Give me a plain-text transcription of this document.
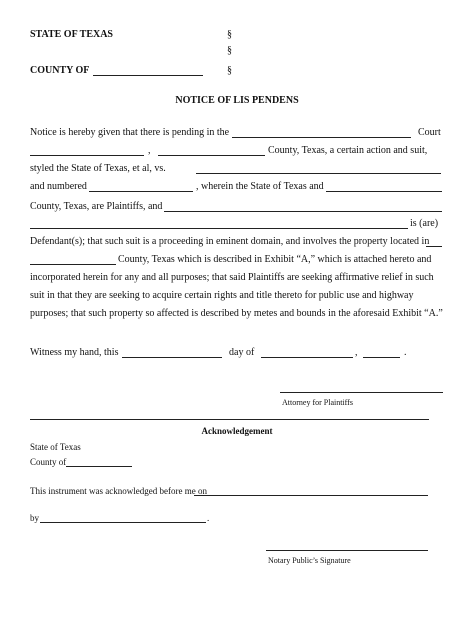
STATE OF TEXAS	§
§
COUNTY OF	§
NOTICE OF LIS PENDENS
Notice is hereby given that there is pending in the	Court
,	County, Texas, a certain action and suit,
styled the State of Texas, et al, vs.
and numbered	, wherein the State of Texas and
County, Texas, are Plaintiffs, and
is (are)
Defendant(s); that such suit is a proceeding in eminent domain, and involves the property located in
County, Texas which is described in Exhibit “A,” which is attached hereto and
incorporated herein for any and all purposes; that said Plaintiffs are seeking affirmative relief in such
suit in that they are seeking to acquire certain rights and title thereto for public use and highway
purposes; that such property so affected is described by metes and bounds in the aforesaid Exhibit “A.”
Witness my hand, this	day of	,	.
Attorney for Plaintiffs
Acknowledgement
State of Texas
County of
This instrument was acknowledged before me on
by	.
Notary Public’s Signature
